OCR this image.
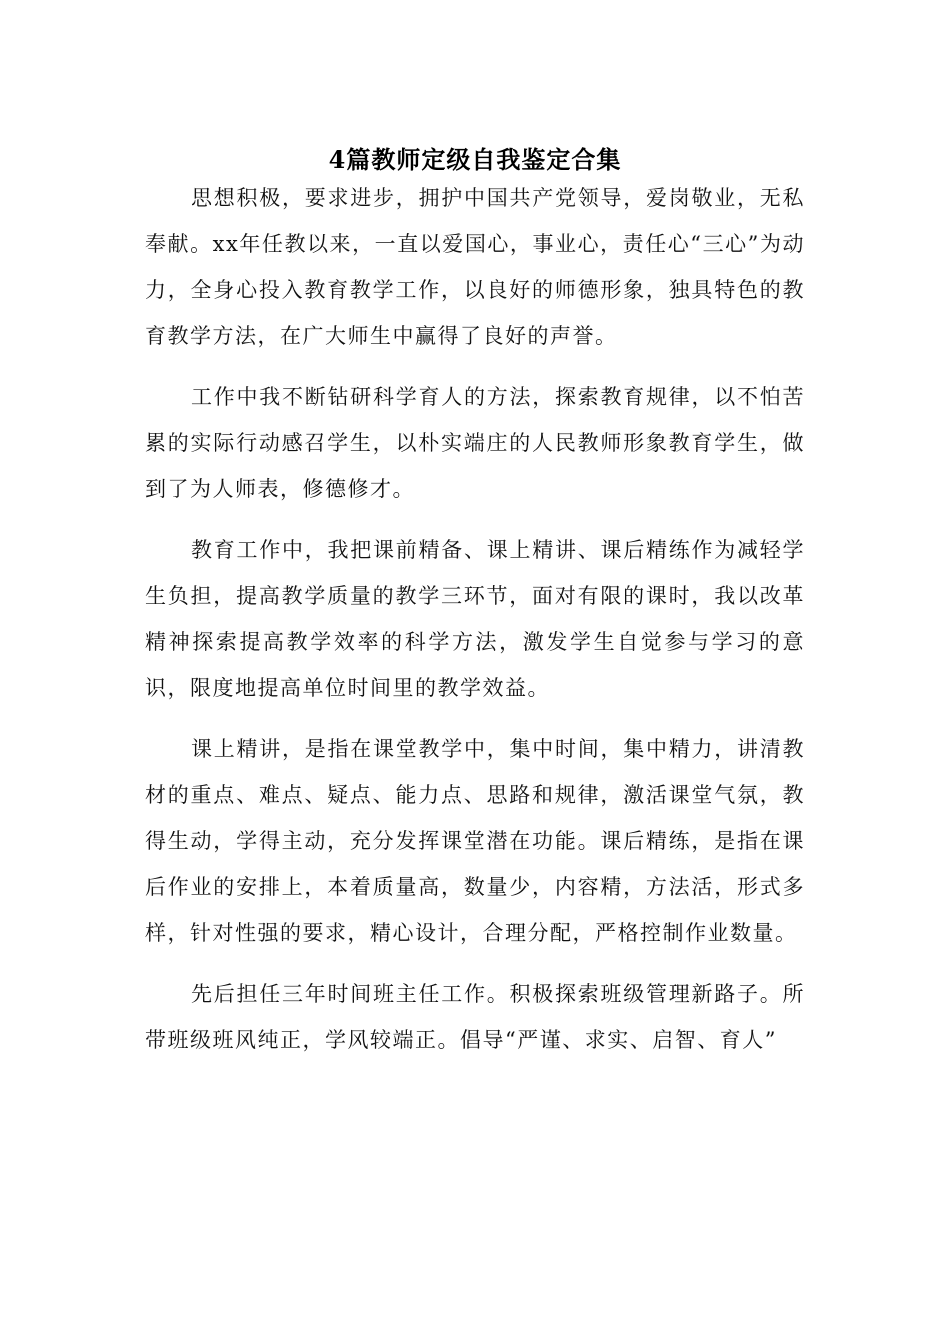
4篇教师定级自我鉴定合集

思想积极，要求进步，拥护中国共产党领导，爱岗敬业，无私奉献。xx年任教以来，一直以爱国心，事业心，责任心“三心”为动力，全身心投入教育教学工作，以良好的师德形象，独具特色的教育教学方法，在广大师生中赢得了良好的声誉。

工作中我不断钻研科学育人的方法，探索教育规律，以不怕苦累的实际行动感召学生，以朴实端庄的人民教师形象教育学生，做到了为人师表，修德修才。

教育工作中，我把课前精备、课上精讲、课后精练作为减轻学生负担，提高教学质量的教学三环节，面对有限的课时，我以改革精神探索提高教学效率的科学方法，激发学生自觉参与学习的意识，限度地提高单位时间里的教学效益。

课上精讲，是指在课堂教学中，集中时间，集中精力，讲清教材的重点、难点、疑点、能力点、思路和规律，激活课堂气氛，教得生动，学得主动，充分发挥课堂潜在功能。课后精练，是指在课后作业的安排上，本着质量高，数量少，内容精，方法活，形式多样，针对性强的要求，精心设计，合理分配，严格控制作业数量。

先后担任三年时间班主任工作。积极探索班级管理新路子。所带班级班风纯正，学风较端正。倡导“严谨、求实、启智、育人”
